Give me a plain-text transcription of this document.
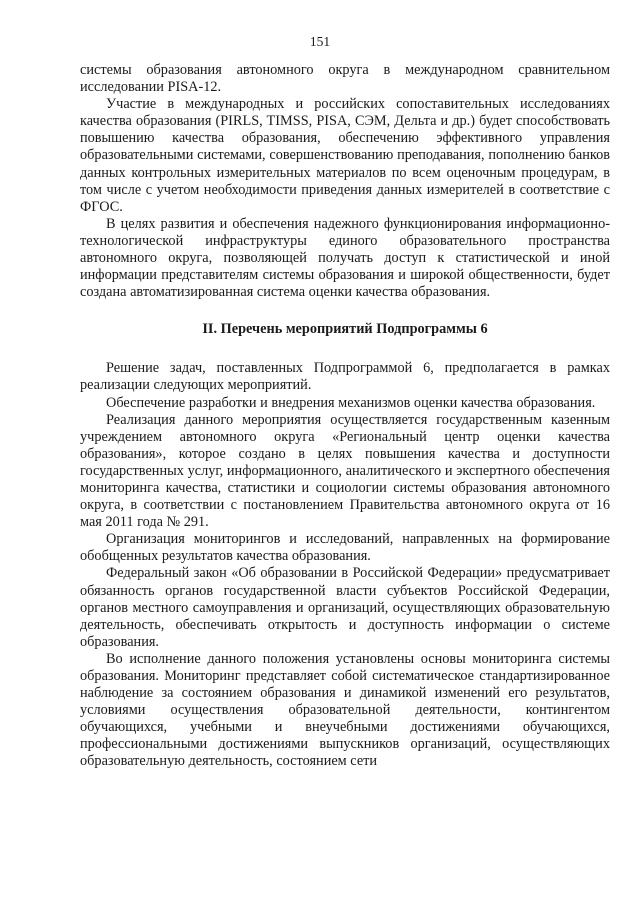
151

системы образования автономного округа в международном сравнительном исследовании PISA-12.

Участие в международных и российских сопоставительных исследованиях качества образования (PIRLS, TIMSS, PISA, СЭМ, Дельта и др.) будет способствовать повышению качества образования, обеспечению эффективного управления образовательными системами, совершенствованию преподавания, пополнению банков данных контрольных измерительных материалов по всем оценочным процедурам, в том числе с учетом необходимости приведения данных измерителей в соответствие с ФГОС.

В целях развития и обеспечения надежного функционирования информационно-технологической инфраструктуры единого образовательного пространства автономного округа, позволяющей получать доступ к статистической и иной информации представителям системы образования и широкой общественности, будет создана автоматизированная система оценки качества образования.

II. Перечень мероприятий Подпрограммы 6

Решение задач, поставленных Подпрограммой 6, предполагается в рамках реализации следующих мероприятий.

Обеспечение разработки и внедрения механизмов оценки качества образования.

Реализация данного мероприятия осуществляется государственным казенным учреждением автономного округа «Региональный центр оценки качества образования», которое создано в целях повышения качества и доступности государственных услуг, информационного, аналитического и экспертного обеспечения мониторинга качества, статистики и социологии системы образования автономного округа, в соответствии с постановлением Правительства автономного округа от 16 мая 2011 года № 291.

Организация мониторингов и исследований, направленных на формирование обобщенных результатов качества образования.

Федеральный закон «Об образовании в Российской Федерации» предусматривает обязанность органов государственной власти субъектов Российской Федерации, органов местного самоуправления и организаций, осуществляющих образовательную деятельность, обеспечивать открытость и доступность информации о системе образования.

Во исполнение данного положения установлены основы мониторинга системы образования. Мониторинг представляет собой систематическое стандартизированное наблюдение за состоянием образования и динамикой изменений его результатов, условиями осуществления образовательной деятельности, контингентом обучающихся, учебными и внеучебными достижениями обучающихся, профессиональными достижениями выпускников организаций, осуществляющих образовательную деятельность, состоянием сети
